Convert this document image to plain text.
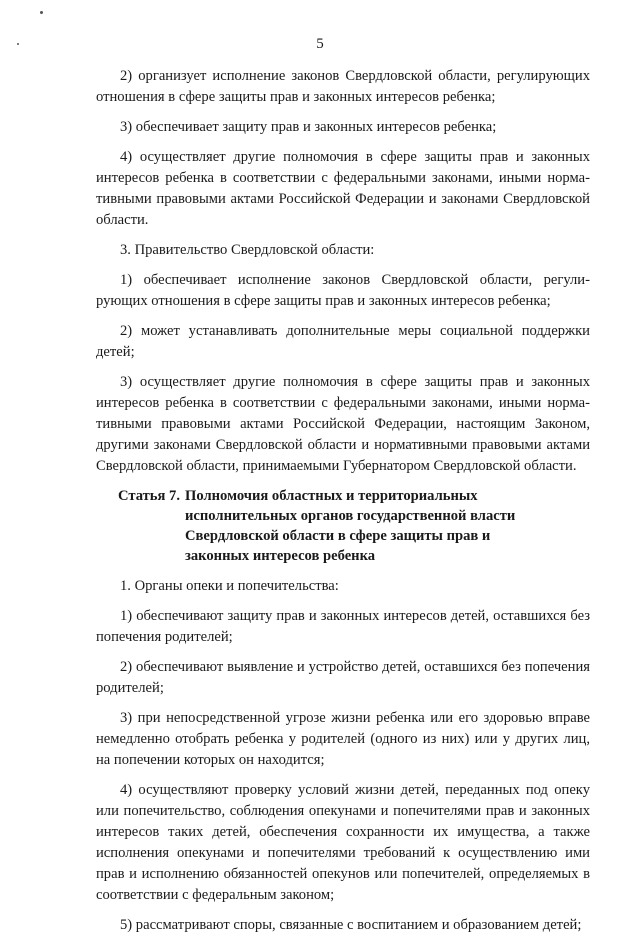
5

2) организует исполнение законов Свердловской области, регулирующих отношения в сфере защиты прав и законных интересов ребенка;

3) обеспечивает защиту прав и законных интересов ребенка;

4) осуществляет другие полномочия в сфере защиты прав и законных интересов ребенка в соответствии с федеральными законами, иными нормативными правовыми актами Российской Федерации и законами Свердловской области.

3. Правительство Свердловской области:

1) обеспечивает исполнение законов Свердловской области, регулирующих отношения в сфере защиты прав и законных интересов ребенка;

2) может устанавливать дополнительные меры социальной поддержки детей;

3) осуществляет другие полномочия в сфере защиты прав и законных интересов ребенка в соответствии с федеральными законами, иными нормативными правовыми актами Российской Федерации, настоящим Законом, другими законами Свердловской области и нормативными правовыми актами Свердловской области, принимаемыми Губернатором Свердловской области.

Статья 7. Полномочия областных и территориальных исполнительных органов государственной власти Свердловской области в сфере защиты прав и законных интересов ребенка

1. Органы опеки и попечительства:

1) обеспечивают защиту прав и законных интересов детей, оставшихся без попечения родителей;

2) обеспечивают выявление и устройство детей, оставшихся без попечения родителей;

3) при непосредственной угрозе жизни ребенка или его здоровью вправе немедленно отобрать ребенка у родителей (одного из них) или у других лиц, на попечении которых он находится;

4) осуществляют проверку условий жизни детей, переданных под опеку или попечительство, соблюдения опекунами и попечителями прав и законных интересов таких детей, обеспечения сохранности их имущества, а также исполнения опекунами и попечителями требований к осуществлению ими прав и исполнению обязанностей опекунов или попечителей, определяемых в соответствии с федеральным законом;

5) рассматривают споры, связанные с воспитанием и образованием детей;
